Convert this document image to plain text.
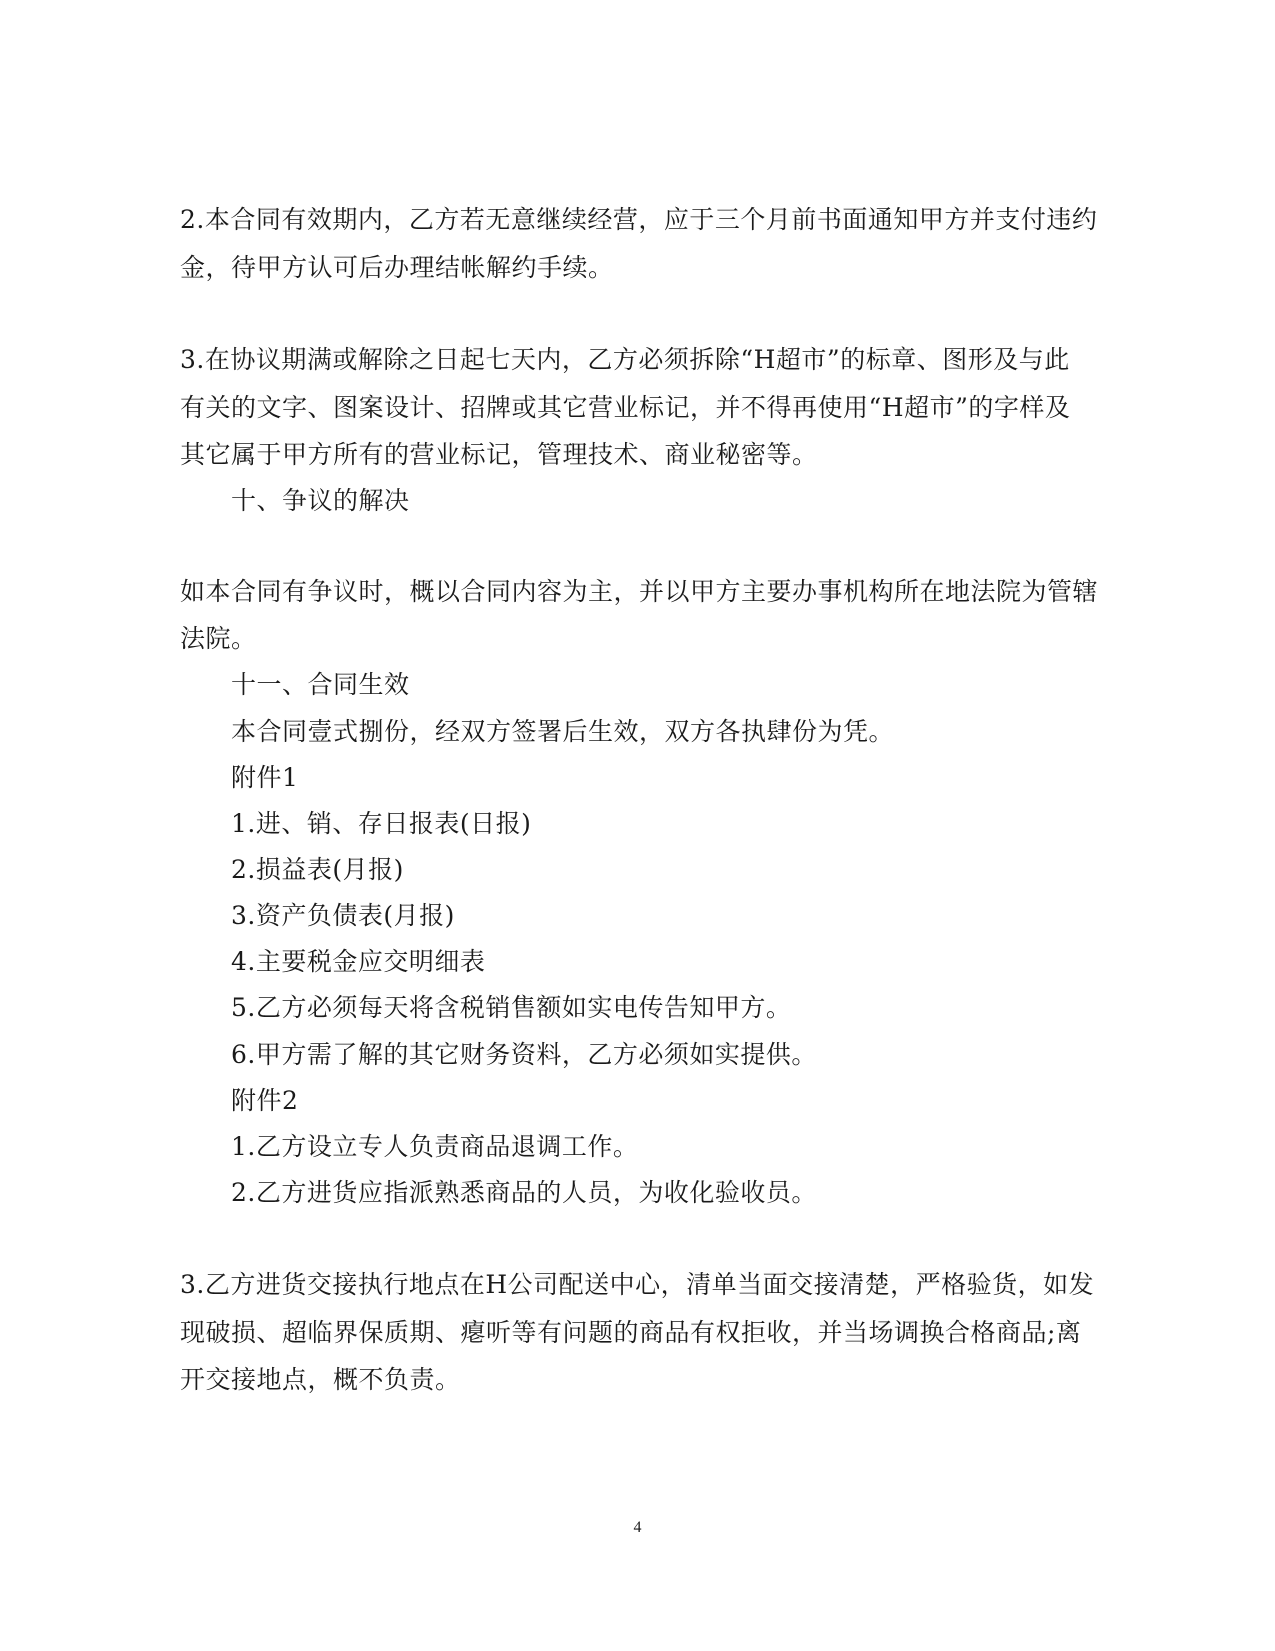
2.本合同有效期内，乙方若无意继续经营，应于三个月前书面通知甲方并支付违约
金，待甲方认可后办理结帐解约手续。
3.在协议期满或解除之日起七天内，乙方必须拆除“H超市”的标章、图形及与此
有关的文字、图案设计、招牌或其它营业标记，并不得再使用“H超市”的字样及
其它属于甲方所有的营业标记，管理技术、商业秘密等。
十、争议的解决
如本合同有争议时，概以合同内容为主，并以甲方主要办事机构所在地法院为管辖
法院。
十一、合同生效
本合同壹式捌份，经双方签署后生效，双方各执肆份为凭。
附件1
1.进、销、存日报表(日报)
2.损益表(月报)
3.资产负债表(月报)
4.主要税金应交明细表
5.乙方必须每天将含税销售额如实电传告知甲方。
6.甲方需了解的其它财务资料，乙方必须如实提供。
附件2
1.乙方设立专人负责商品退调工作。
2.乙方进货应指派熟悉商品的人员，为收化验收员。
3.乙方进货交接执行地点在H公司配送中心，清单当面交接清楚，严格验货，如发
现破损、超临界保质期、瘪听等有问题的商品有权拒收，并当场调换合格商品;离
开交接地点，概不负责。
4
